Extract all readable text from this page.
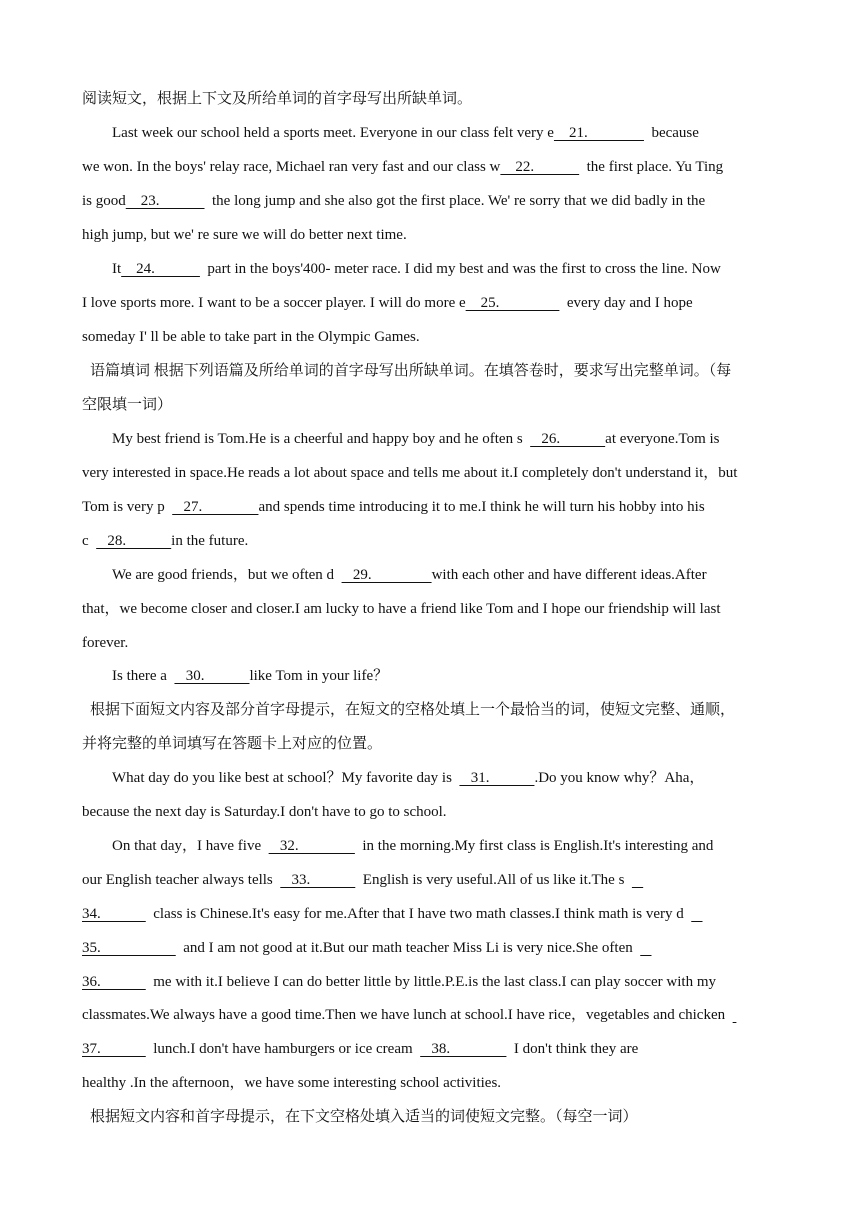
阅读短文，根据上下文及所给单词的首字母写出所缺单词。
Last week our school held a sports meet. Everyone in our class felt very e    21.                 because
we won. In the boys' relay race, Michael ran very fast and our class w    22.              the first place. Yu Ting
is good    23.              the long jump and she also got the first place. We' re sorry that we did badly in the
high jump, but we' re sure we will do better next time.
It    24.              part in the boys'400- meter race. I did my best and was the first to cross the line. Now
I love sports more. I want to be a soccer player. I will do more e    25.                  every day and I hope
someday I' ll be able to take part in the Olympic Games.
语篇填词 根据下列语篇及所给单词的首字母写出所缺单词。在填答卷时，要求写出完整单词。（每
空限填一词）
My best friend is Tom.He is a cheerful and happy boy and he often s     26.            at everyone.Tom is
very interested in space.He reads a lot about space and tells me about it.I completely don't understand it，but
Tom is very p     27.               and spends time introducing it to me.I think he will turn his hobby into his
c     28.            in the future.
We are good friends，but we often d     29.                with each other and have different ideas.After
that，we become closer and closer.I am lucky to have a friend like Tom and I hope our friendship will last
forever.
Is there a     30.            like Tom in your life？
根据下面短文内容及部分首字母提示，在短文的空格处填上一个最恰当的词，使短文完整、通顺，
并将完整的单词填写在答题卡上对应的位置。
What day do you like best at school？My favorite day is     31.            .Do you know why？Aha，
because the next day is Saturday.I don't have to go to school.
On that day，I have five     32.                 in the morning.My first class is English.It's interesting and
our English teacher always tells     33.              English is very useful.All of us like it.The s
34.              class is Chinese.It's easy for me.After that I have two math classes.I think math is very d
35.                      and I am not good at it.But our math teacher Miss Li is very nice.She often
36.              me with it.I believe I can do better little by little.P.E.is the last class.I can play soccer with my
classmates.We always have a good time.Then we have lunch at school.I have rice，vegetables and chicken
37.              lunch.I don't have hamburgers or ice cream     38.                 I don't think they are
healthy .In the afternoon，we have some interesting school activities.
根据短文内容和首字母提示，在下文空格处填入适当的词使短文完整。（每空一词）
